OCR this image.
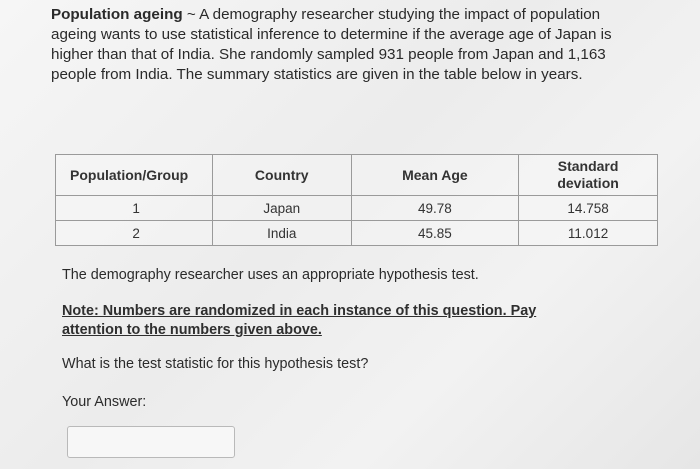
Population ageing ~ A demography researcher studying the impact of population ageing wants to use statistical inference to determine if the average age of Japan is higher than that of India. She randomly sampled 931 people from Japan and 1,163 people from India. The summary statistics are given in the table below in years.

Population/Group	Country	Mean Age	Standard deviation
1	Japan	49.78	14.758
2	India	45.85	11.012

The demography researcher uses an appropriate hypothesis test.

Note: Numbers are randomized in each instance of this question. Pay attention to the numbers given above.

What is the test statistic for this hypothesis test?

Your Answer:
